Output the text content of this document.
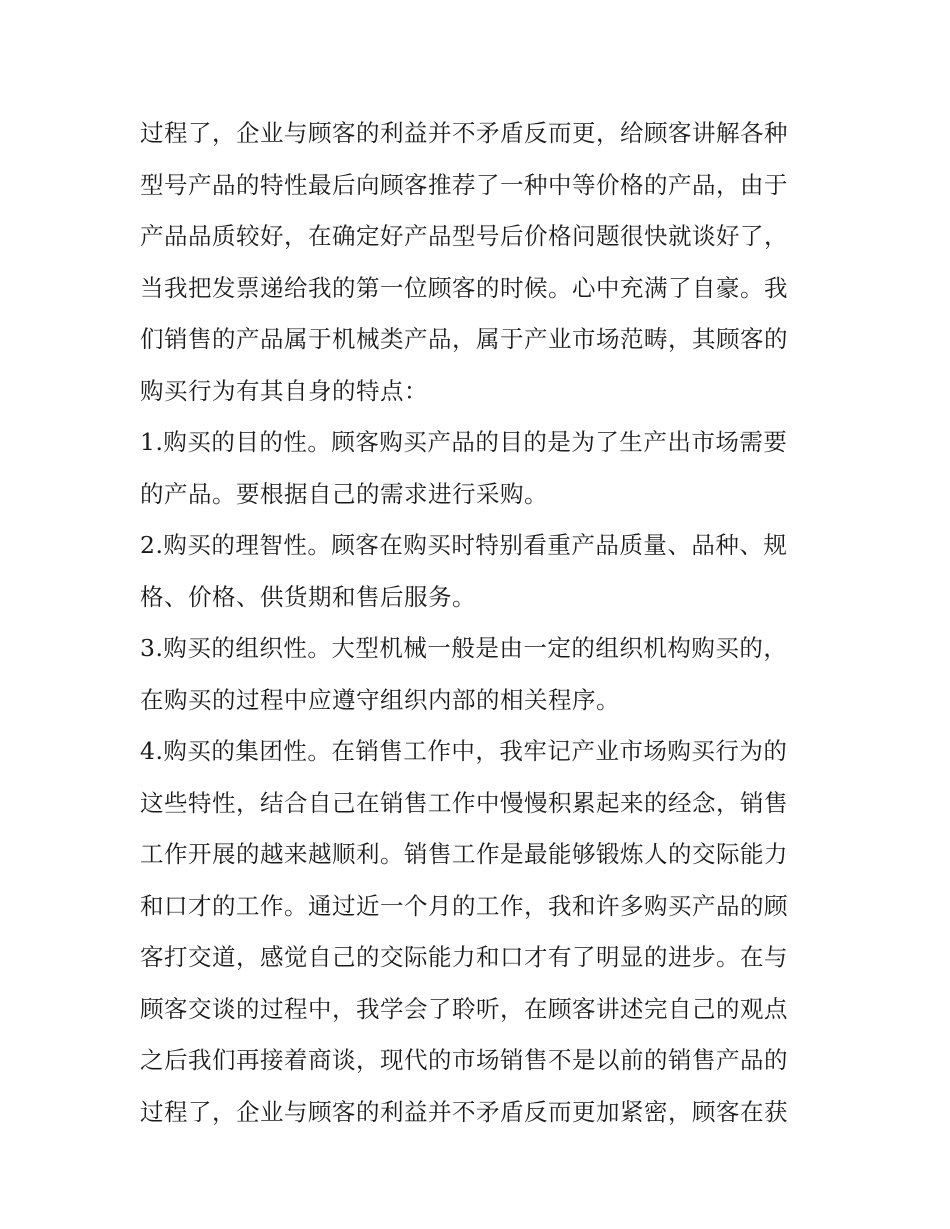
过程了，企业与顾客的利益并不矛盾反而更，给顾客讲解各种
型号产品的特性最后向顾客推荐了一种中等价格的产品，由于
产品品质较好，在确定好产品型号后价格问题很快就谈好了，
当我把发票递给我的第一位顾客的时候。心中充满了自豪。我
们销售的产品属于机械类产品，属于产业市场范畴，其顾客的
购买行为有其自身的特点：
1.购买的目的性。顾客购买产品的目的是为了生产出市场需要
的产品。要根据自己的需求进行采购。
2.购买的理智性。顾客在购买时特别看重产品质量、品种、规
格、价格、供货期和售后服务。
3.购买的组织性。大型机械一般是由一定的组织机构购买的，
在购买的过程中应遵守组织内部的相关程序。
4.购买的集团性。在销售工作中，我牢记产业市场购买行为的
这些特性，结合自己在销售工作中慢慢积累起来的经念，销售
工作开展的越来越顺利。销售工作是最能够锻炼人的交际能力
和口才的工作。通过近一个月的工作，我和许多购买产品的顾
客打交道，感觉自己的交际能力和口才有了明显的进步。在与
顾客交谈的过程中，我学会了聆听，在顾客讲述完自己的观点
之后我们再接着商谈，现代的市场销售不是以前的销售产品的
过程了，企业与顾客的利益并不矛盾反而更加紧密，顾客在获
